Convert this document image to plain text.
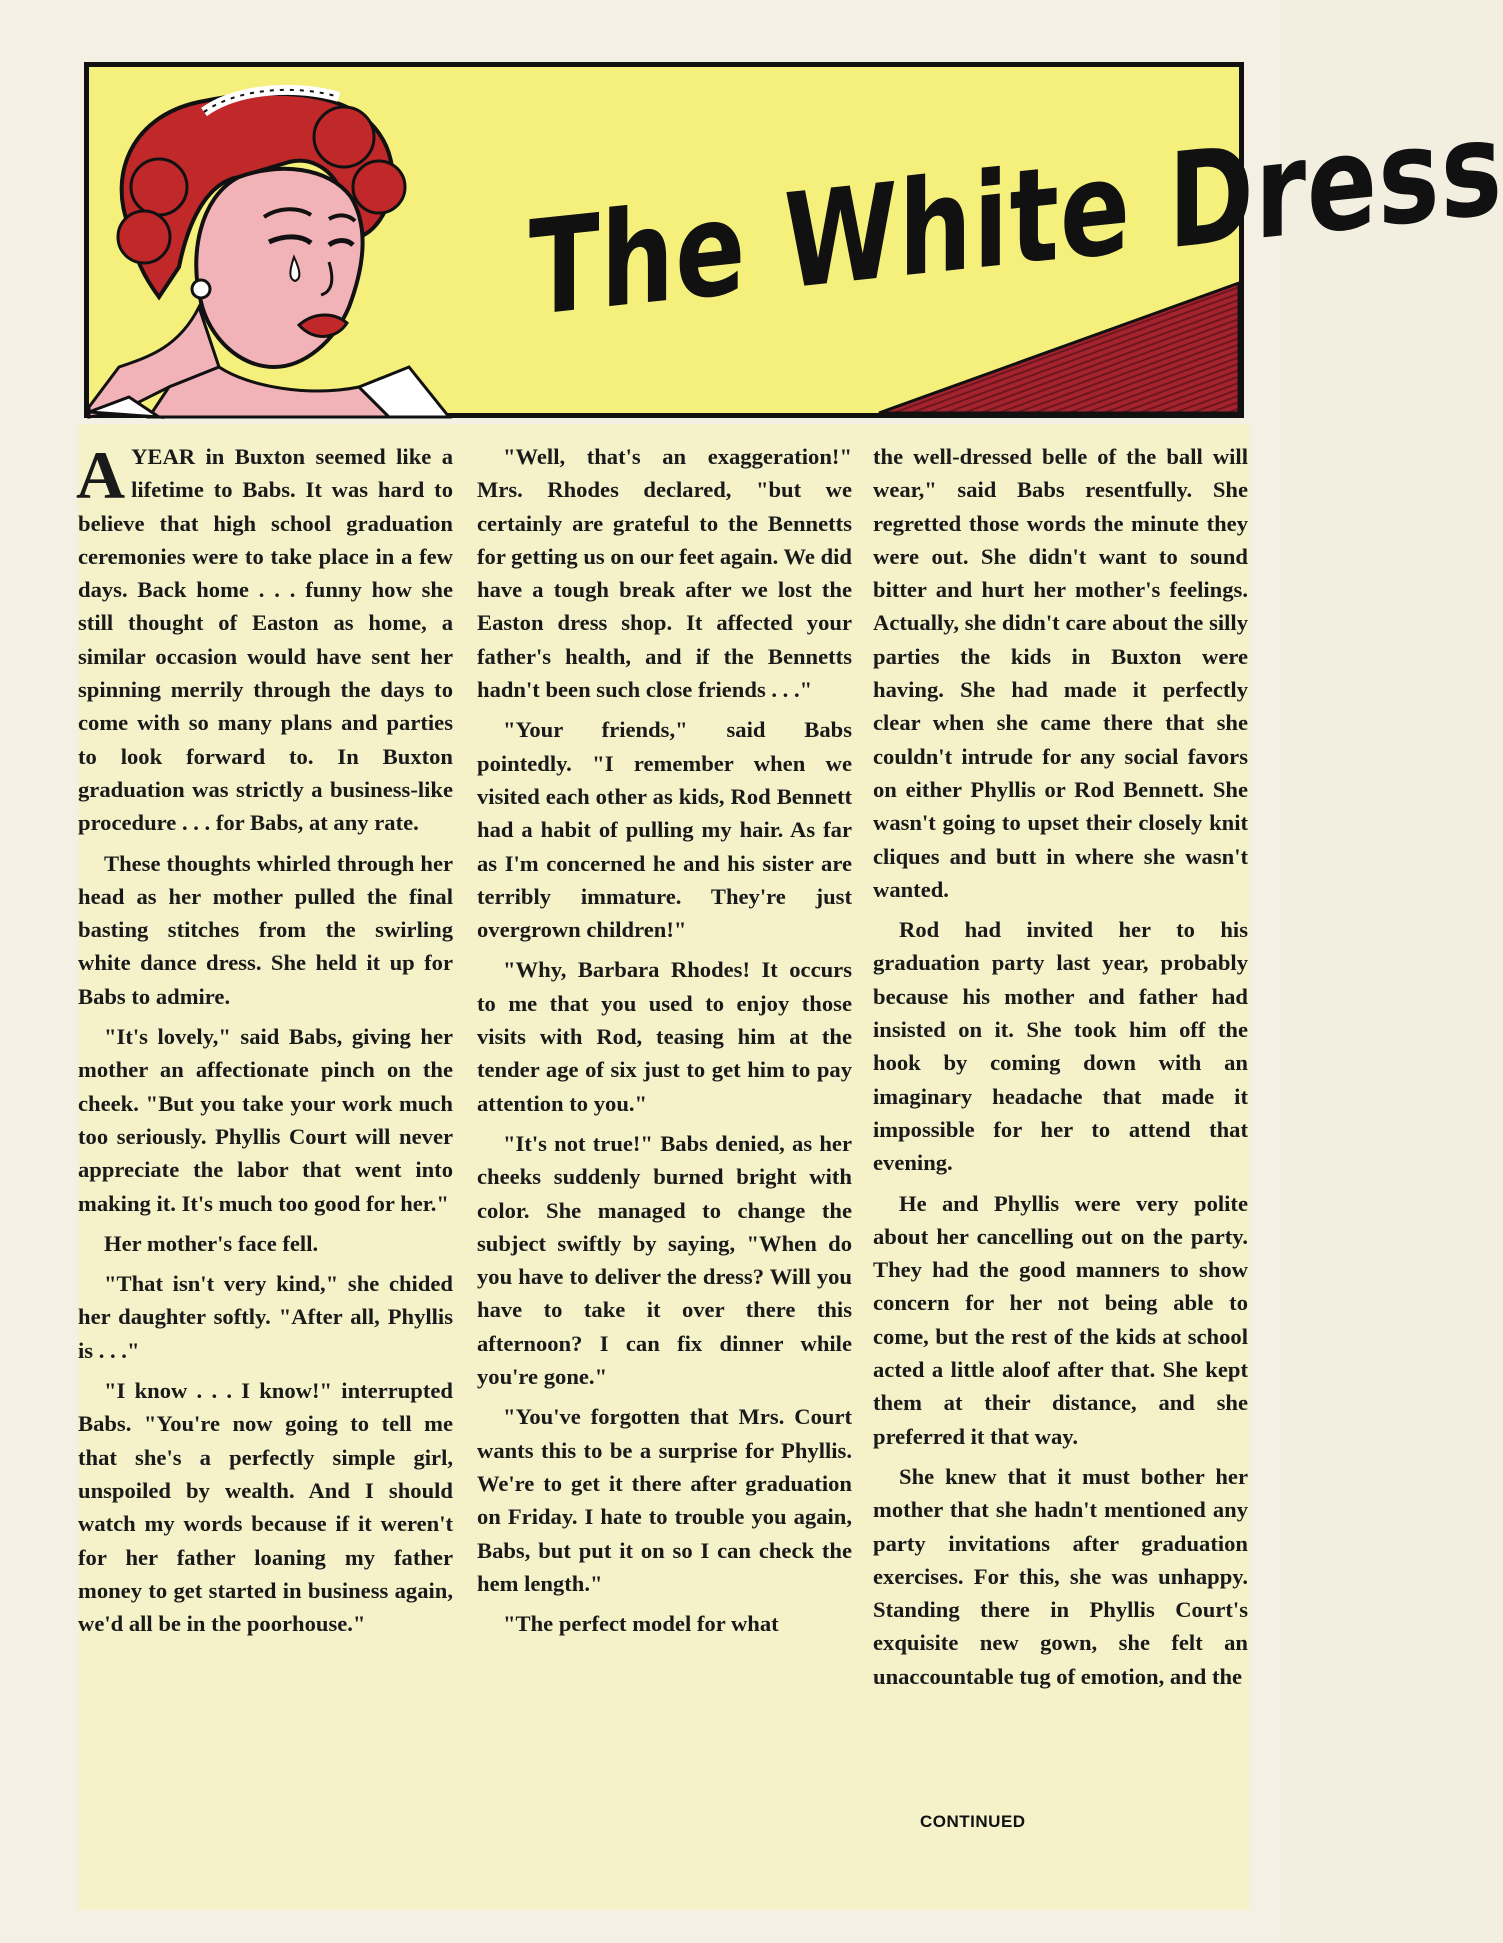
The White Dress

A YEAR in Buxton seemed like a lifetime to Babs. It was hard to believe that high school graduation ceremonies were to take place in a few days. Back home . . . funny how she still thought of Easton as home, a similar occasion would have sent her spinning merrily through the days to come with so many plans and parties to look forward to. In Buxton graduation was strictly a business-like procedure . . . for Babs, at any rate.

These thoughts whirled through her head as her mother pulled the final basting stitches from the swirling white dance dress. She held it up for Babs to admire.

"It's lovely," said Babs, giving her mother an affectionate pinch on the cheek. "But you take your work much too seriously. Phyllis Court will never appreciate the labor that went into making it. It's much too good for her."

Her mother's face fell.

"That isn't very kind," she chided her daughter softly. "After all, Phyllis is . . ."

"I know . . . I know!" interrupted Babs. "You're now going to tell me that she's a perfectly simple girl, unspoiled by wealth. And I should watch my words because if it weren't for her father loaning my father money to get started in business again, we'd all be in the poorhouse."

"Well, that's an exaggeration!" Mrs. Rhodes declared, "but we certainly are grateful to the Bennetts for getting us on our feet again. We did have a tough break after we lost the Easton dress shop. It affected your father's health, and if the Bennetts hadn't been such close friends . . ."

"Your friends," said Babs pointedly. "I remember when we visited each other as kids, Rod Bennett had a habit of pulling my hair. As far as I'm concerned he and his sister are terribly immature. They're just overgrown children!"

"Why, Barbara Rhodes! It occurs to me that you used to enjoy those visits with Rod, teasing him at the tender age of six just to get him to pay attention to you."

"It's not true!" Babs denied, as her cheeks suddenly burned bright with color. She managed to change the subject swiftly by saying, "When do you have to deliver the dress? Will you have to take it over there this afternoon? I can fix dinner while you're gone."

"You've forgotten that Mrs. Court wants this to be a surprise for Phyllis. We're to get it there after graduation on Friday. I hate to trouble you again, Babs, but put it on so I can check the hem length."

"The perfect model for what

the well-dressed belle of the ball will wear," said Babs resentfully. She regretted those words the minute they were out. She didn't want to sound bitter and hurt her mother's feelings. Actually, she didn't care about the silly parties the kids in Buxton were having. She had made it perfectly clear when she came there that she couldn't intrude for any social favors on either Phyllis or Rod Bennett. She wasn't going to upset their closely knit cliques and butt in where she wasn't wanted.

Rod had invited her to his graduation party last year, probably because his mother and father had insisted on it. She took him off the hook by coming down with an imaginary headache that made it impossible for her to attend that evening.

He and Phyllis were very polite about her cancelling out on the party. They had the good manners to show concern for her not being able to come, but the rest of the kids at school acted a little aloof after that. She kept them at their distance, and she preferred it that way.

She knew that it must bother her mother that she hadn't mentioned any party invitations after graduation exercises. For this, she was unhappy. Standing there in Phyllis Court's exquisite new gown, she felt an unaccountable tug of emotion, and the

CONTINUED
